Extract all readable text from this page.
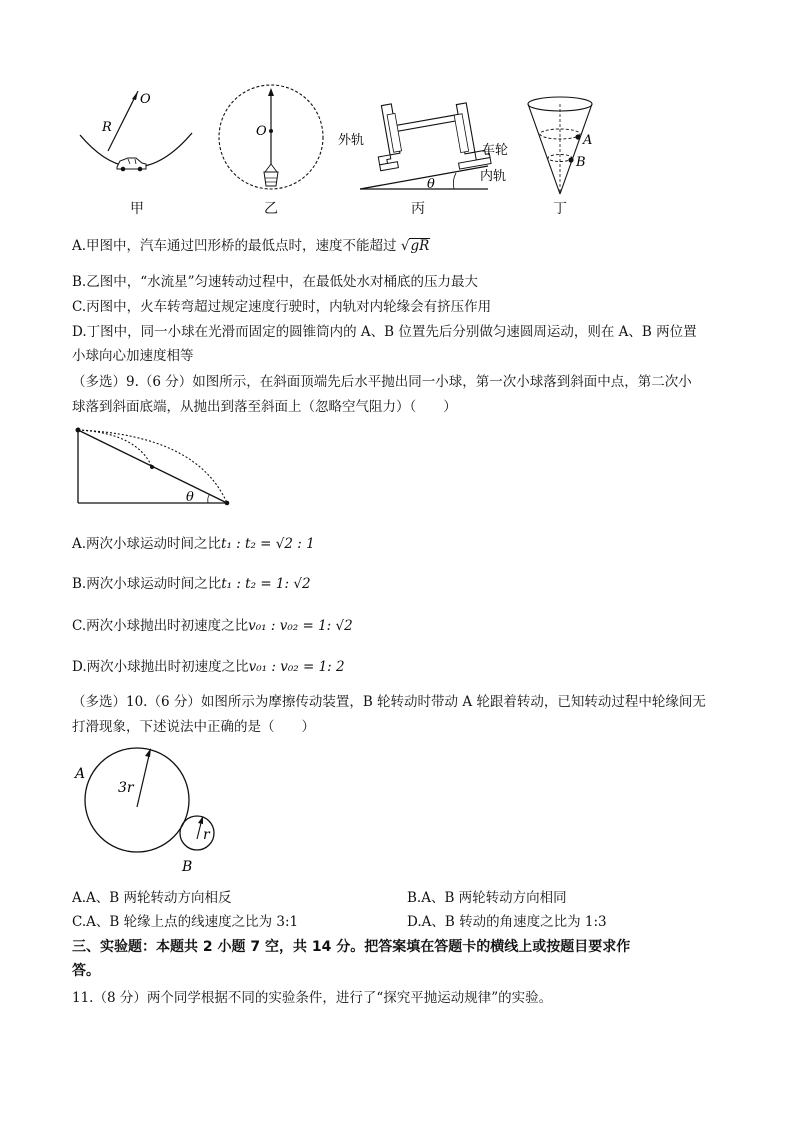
O
R
甲
O
乙
θ
外轨
车轮
内轨
丙
A
B
丁
A.甲图中，汽车通过凹形桥的最低点时，速度不能超过 √gR
B.乙图中，“水流星”匀速转动过程中，在最低处水对桶底的压力最大
C.丙图中，火车转弯超过规定速度行驶时，内轨对内轮缘会有挤压作用
D.丁图中，同一小球在光滑而固定的圆锥筒内的 A、B 位置先后分别做匀速圆周运动，则在 A、B 两位置
小球向心加速度相等
（多选）9.（6 分）如图所示，在斜面顶端先后水平抛出同一小球，第一次小球落到斜面中点，第二次小
球落到斜面底端，从抛出到落至斜面上（忽略空气阻力）（　　）
θ
A.两次小球运动时间之比t₁ : t₂ = √2 : 1
B.两次小球运动时间之比t₁ : t₂ = 1: √2
C.两次小球抛出时初速度之比v₀₁ : v₀₂ = 1: √2
D.两次小球抛出时初速度之比v₀₁ : v₀₂ = 1: 2
（多选）10.（6 分）如图所示为摩擦传动装置，B 轮转动时带动 A 轮跟着转动，已知转动过程中轮缘间无
打滑现象，下述说法中正确的是（　　）
A
3r
r
B
A.A、B 两轮转动方向相反	B.A、B 两轮转动方向相同
C.A、B 轮缘上点的线速度之比为 3:1	D.A、B 转动的角速度之比为 1:3
三、实验题：本题共 2 小题 7 空，共 14 分。把答案填在答题卡的横线上或按题目要求作
答。
11.（8 分）两个同学根据不同的实验条件，进行了“探究平抛运动规律”的实验。
